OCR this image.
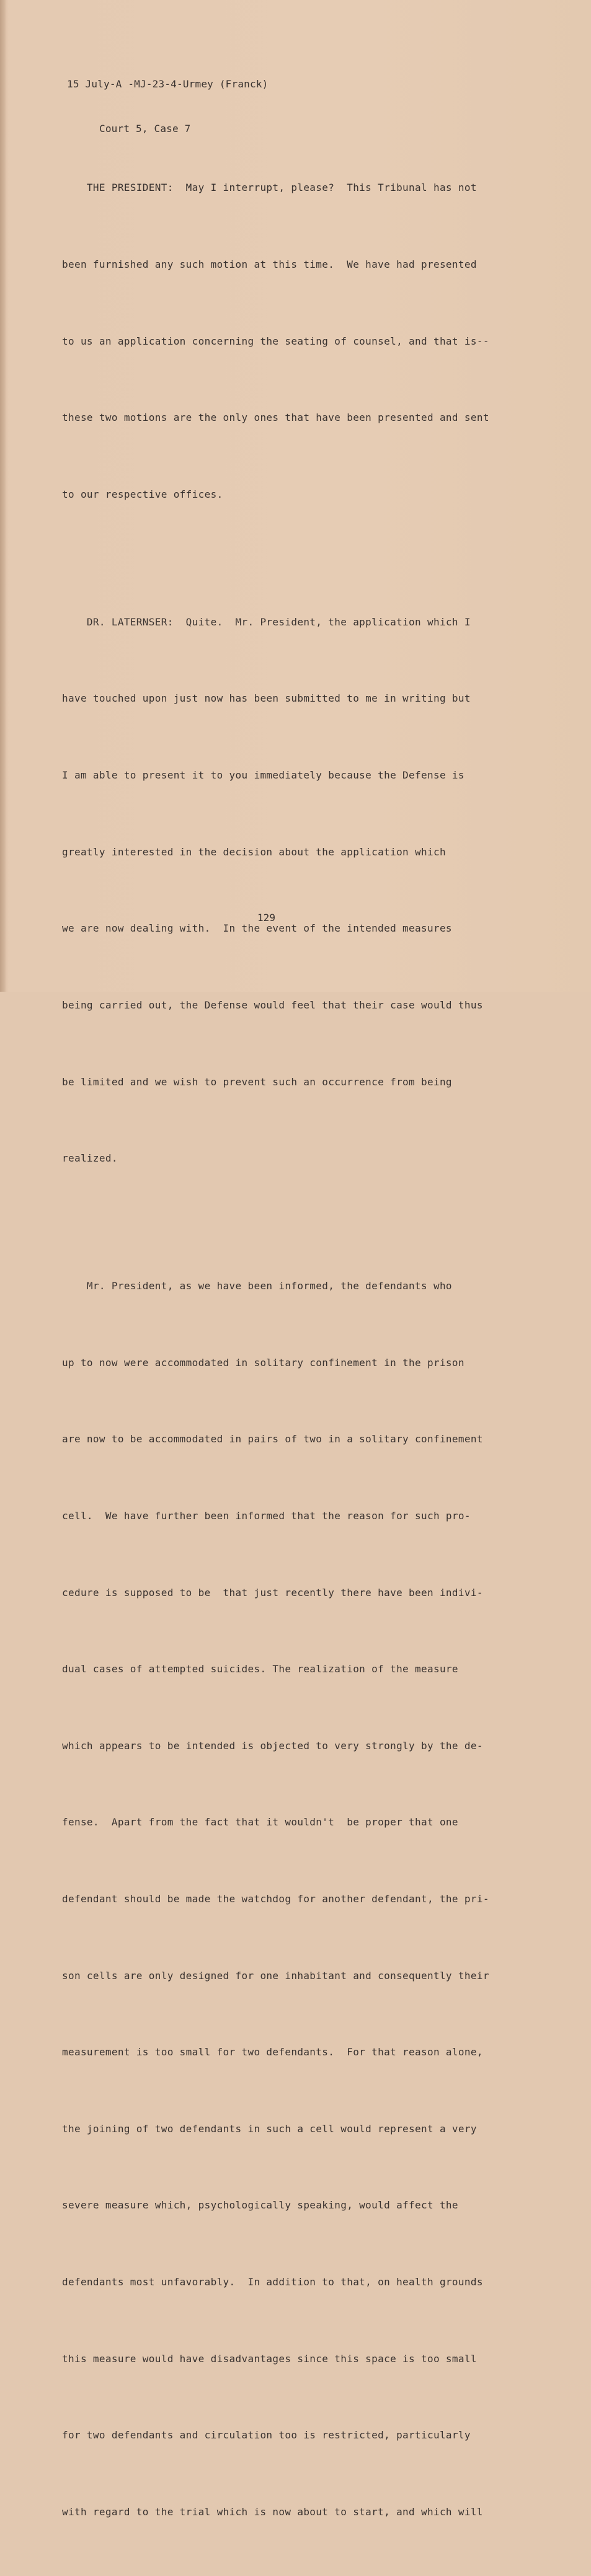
15 July-A -MJ-23-4-Urmey (Franck)

Court 5, Case 7

THE PRESIDENT:  May I interrupt, please?  This Tribunal has not

been furnished any such motion at this time.  We have had presented

to us an application concerning the seating of counsel, and that is--

these two motions are the only ones that have been presented and sent

to our respective offices.

DR. LATERNSER:  Quite.  Mr. President, the application which I

have touched upon just now has been submitted to me in writing but

I am able to present it to you immediately because the Defense is

greatly interested in the decision about the application which

we are now dealing with.  In the event of the intended measures

being carried out, the Defense would feel that their case would thus

be limited and we wish to prevent such an occurrence from being

realized.

Mr. President, as we have been informed, the defendants who

up to now were accommodated in solitary confinement in the prison

are now to be accommodated in pairs of two in a solitary confinement

cell.  We have further been informed that the reason for such pro-

cedure is supposed to be  that just recently there have been indivi-

dual cases of attempted suicides. The realization of the measure

which appears to be intended is objected to very strongly by the de-

fense.  Apart from the fact that it wouldn't  be proper that one

defendant should be made the watchdog for another defendant, the pri-

son cells are only designed for one inhabitant and consequently their

measurement is too small for two defendants.  For that reason alone,

the joining of two defendants in such a cell would represent a very

severe measure which, psychologically speaking, would affect the

defendants most unfavorably.  In addition to that, on health grounds

this measure would have disadvantages since this space is too small

for two defendants and circulation too is restricted, particularly

with regard to the trial which is now about to start, and which will

129
